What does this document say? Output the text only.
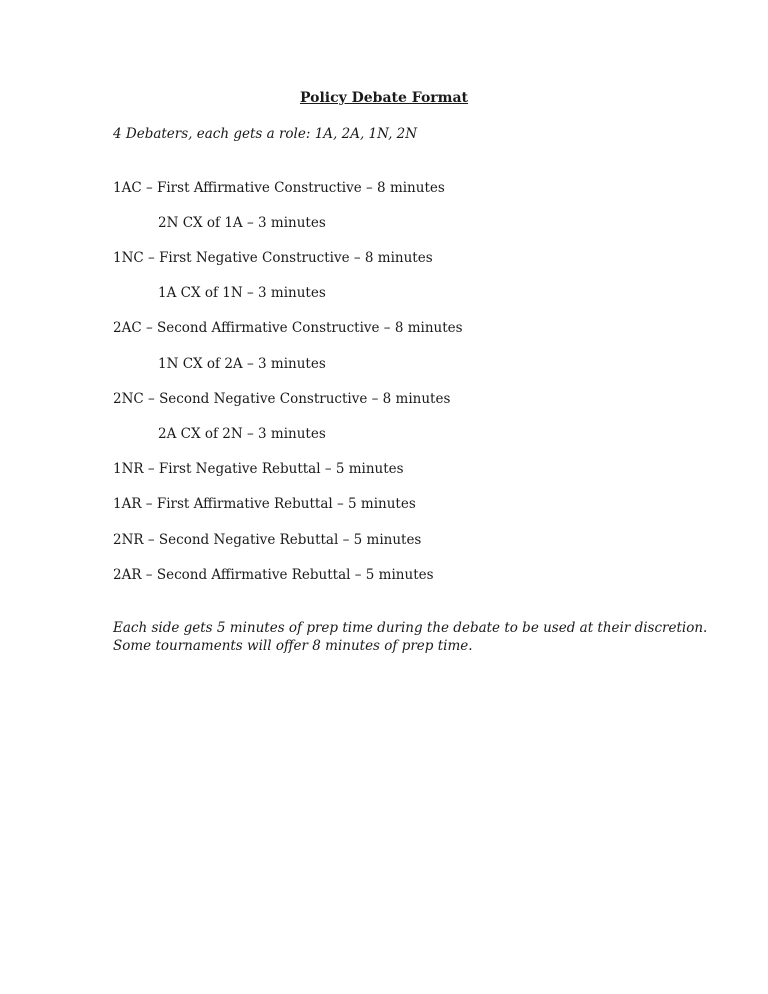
Policy Debate Format
4 Debaters, each gets a role: 1A, 2A, 1N, 2N
1AC – First Affirmative Constructive – 8 minutes
2N CX of 1A – 3 minutes
1NC – First Negative Constructive – 8 minutes
1A CX of 1N – 3 minutes
2AC – Second Affirmative Constructive – 8 minutes
1N CX of 2A – 3 minutes
2NC – Second Negative Constructive – 8 minutes
2A CX of 2N – 3 minutes
1NR – First Negative Rebuttal – 5 minutes
1AR – First Affirmative Rebuttal – 5 minutes
2NR – Second Negative Rebuttal – 5 minutes
2AR – Second Affirmative Rebuttal – 5 minutes
Each side gets 5 minutes of prep time during the debate to be used at their discretion.
Some tournaments will offer 8 minutes of prep time.
